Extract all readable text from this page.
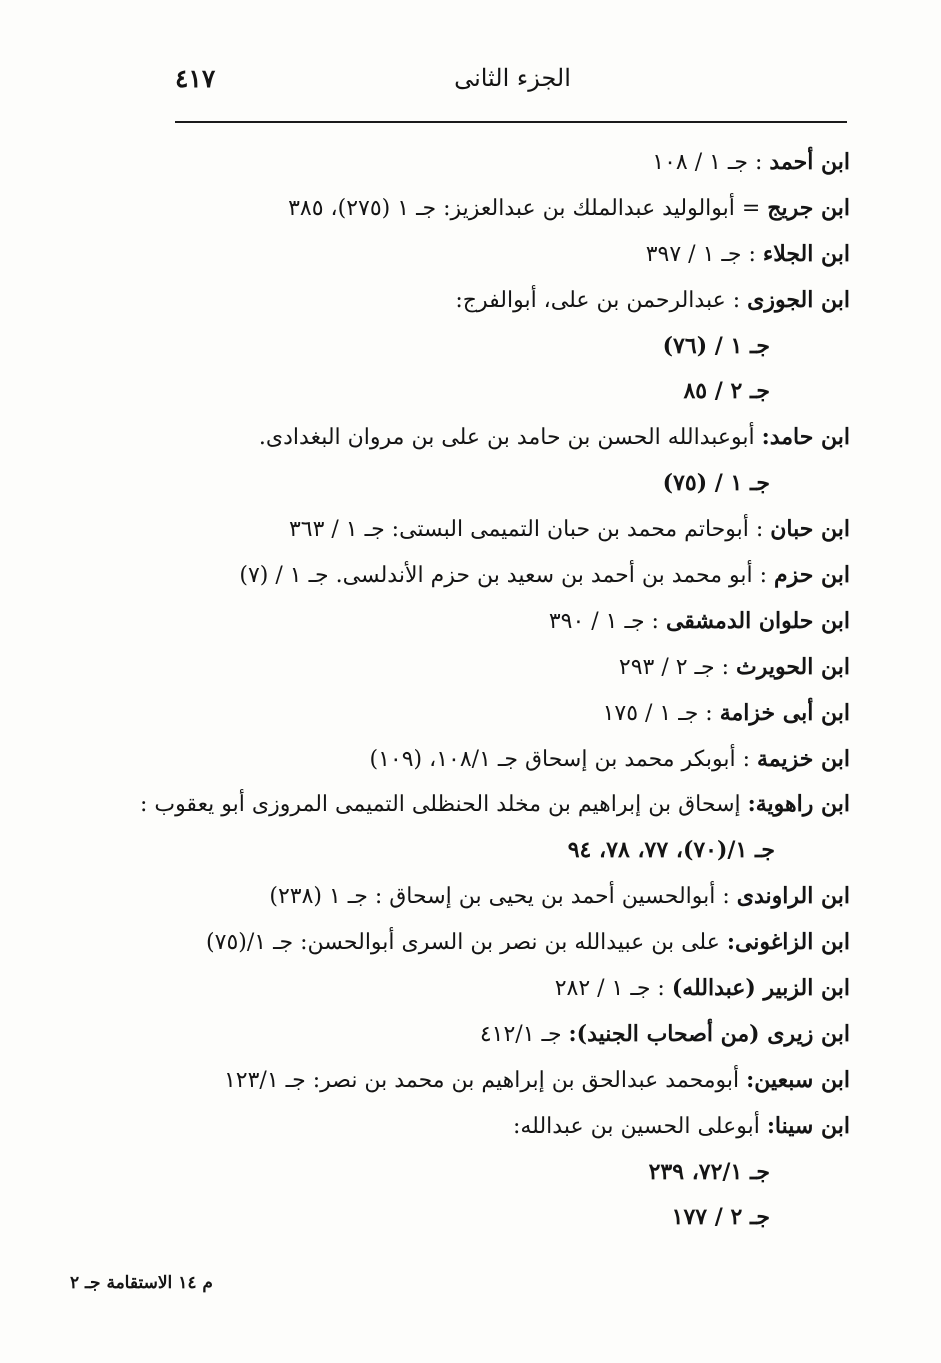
٤١٧	الجزء الثانى
ابن أحمد : جـ ١ / ١٠٨
ابن جريج = أبوالوليد عبدالملك بن عبدالعزيز: جـ ١ (٢٧٥)، ٣٨٥
ابن الجلاء : جـ ١ / ٣٩٧
ابن الجوزى : عبدالرحمن بن على، أبوالفرج:
جـ ١ / (٧٦)
جـ ٢ / ٨٥
ابن حامد: أبوعبدالله الحسن بن حامد بن على بن مروان البغدادى.
جـ ١ / (٧٥)
ابن حبان : أبوحاتم محمد بن حبان التميمى البستى: جـ ١ / ٣٦٣
ابن حزم : أبو محمد بن أحمد بن سعيد بن حزم الأندلسى. جـ ١ / (٧)
ابن حلوان الدمشقى : جـ ١ / ٣٩٠
ابن الحويرث : جـ ٢ / ٢٩٣
ابن أبى خزامة : جـ ١ / ١٧٥
ابن خزيمة : أبوبكر محمد بن إسحاق جـ ١٠٨/١، (١٠٩)
ابن راهوية: إسحاق بن إبراهيم بن مخلد الحنظلى التميمى المروزى أبو يعقوب :
جـ ١/(٧٠)، ٧٧، ٧٨، ٩٤
ابن الراوندى : أبوالحسين أحمد بن يحيى بن إسحاق : جـ ١ (٢٣٨)
ابن الزاغونى: على بن عبيدالله بن نصر بن السرى أبوالحسن: جـ ١/(٧٥)
ابن الزبير (عبدالله) : جـ ١ / ٢٨٢
ابن زيرى (من أصحاب الجنيد): جـ ٤١٢/١
ابن سبعين: أبومحمد عبدالحق بن إبراهيم بن محمد بن نصر: جـ ١٢٣/١
ابن سينا: أبوعلى الحسين بن عبدالله:
جـ ٧٢/١، ٢٣٩
جـ ٢ / ١٧٧
م ١٤ الاستقامة جـ ٢
